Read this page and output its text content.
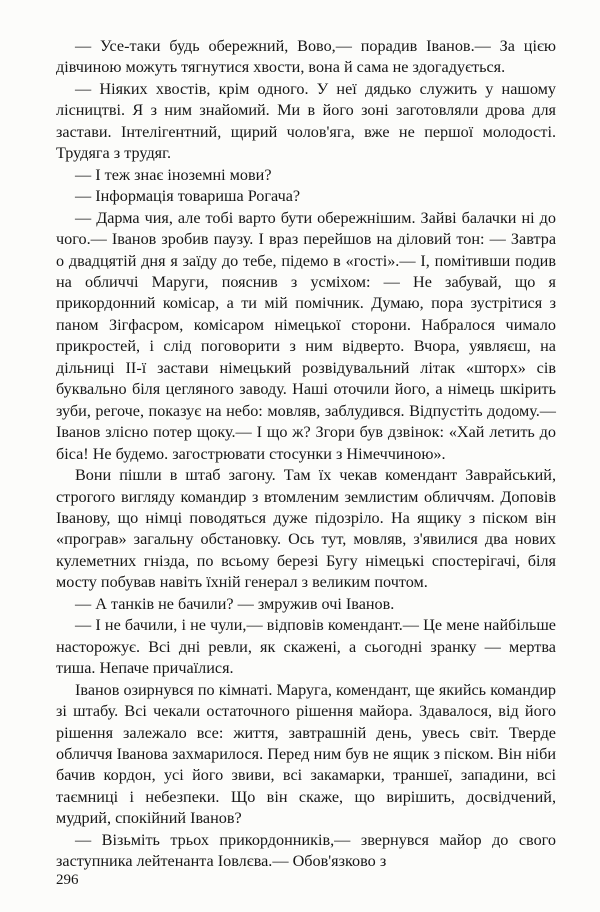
— Усе-таки будь обережний, Вово,— порадив Іванов.— За цією дівчиною можуть тягнутися хвости, вона й сама не здогадується.

— Ніяких хвостів, крім одного. У неї дядько служить у нашому лісництві. Я з ним знайомий. Ми в його зоні заготовляли дрова для застави. Інтелігентний, щирий чолов'яга, вже не першої молодості. Трудяга з трудяг.

— І теж знає іноземні мови?

— Інформація товариша Рогача?

— Дарма чия, але тобі варто бути обережнішим. Зайві балачки ні до чого.— Іванов зробив паузу. І враз перейшов на діловий тон: — Завтра о двадцятій дня я заїду до тебе, підемо в «гості».— І, помітивши подив на обличчі Маруги, пояснив з усміхом: — Не забувай, що я прикордонний комісар, а ти мій помічник. Думаю, пора зустрітися з паном Зігфасром, комісаром німецької сторони. Набралося чимало прикростей, і слід поговорити з ним відверто. Вчора, уявляєш, на дільниці ІІ-ї застави німецький розвідувальний літак «шторх» сів буквально біля цегляного заводу. Наші оточили його, а німець шкірить зуби, регоче, показує на небо: мовляв, заблудився. Відпустіть додому.— Іванов злісно потер щоку.— І що ж? Згори був дзвінок: «Хай летить до біса! Не будемо. загострювати стосунки з Німеччиною».

Вони пішли в штаб загону. Там їх чекав комендант Заврайський, строгого вигляду командир з втомленим землистим обличчям. Доповів Іванову, що німці поводяться дуже підозріло. На ящику з піском він «програв» загальну обстановку. Ось тут, мовляв, з'явилися два нових кулеметних гнізда, по всьому березі Бугу німецькі спостерігачі, біля мосту побував навіть їхній генерал з великим почтом.

— А танків не бачили? — змружив очі Іванов.

— І не бачили, і не чули,— відповів комендант.— Це мене найбільше насторожує. Всі дні ревли, як скажені, а сьогодні зранку — мертва тиша. Непаче причаїлися.

Іванов озирнувся по кімнаті. Маруга, комендант, ще якийсь командир зі штабу. Всі чекали остаточного рішення майора. Здавалося, від його рішення залежало все: життя, завтрашній день, увесь світ. Тверде обличчя Іванова захмарилося. Перед ним був не ящик з піском. Він ніби бачив кордон, усі його звиви, всі закамарки, траншеї, западини, всі таємниці і небезпеки. Що він скаже, що вирішить, досвідчений, мудрий, спокійний Іванов?

— Візьміть трьох прикордонників,— звернувся майор до свого заступника лейтенанта Іовлєва.— Обов'язково з

296
